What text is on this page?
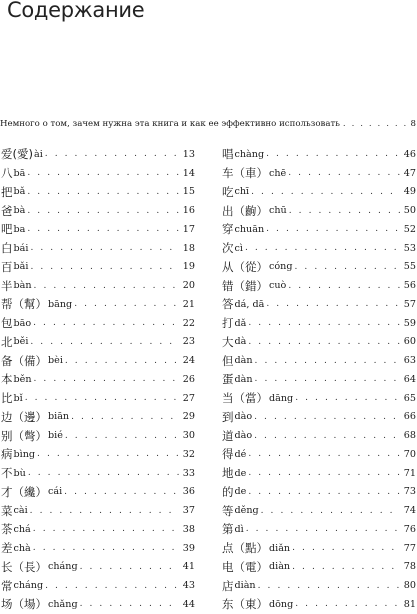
Содержание
Немного о том, зачем нужна эта книга и как ее эффективно использовать . . .	8
爱(愛) ài . . .	13
八 bā . . .	14
把 bǎ . . .	15
爸 bà . . .	16
吧 ba . . .	17
白 bái . . .	18
百 bǎi . . .	19
半 bàn . . .	20
帮（幫） bāng . . .	21
包 bāo . . .	22
北 běi . . .	23
备（備） bèi . . .	24
本 běn . . .	26
比 bǐ . . .	27
边（邊） biān . . .	29
别（彆） bié . . .	30
病 bìng . . .	32
不 bù . . .	33
才（纔） cái . . .	36
菜 cài . . .	37
茶 chá . . .	38
差 chà . . .	39
长（長） cháng . . .	41
常 cháng . . .	43
场（場） chǎng . . .	44
唱 chàng . . .	46
车（車） chē . . .	47
吃 chī . . .	49
出（齣） chū . . .	50
穿 chuān . . .	52
次 cì . . .	53
从（從） cóng . . .	55
错（錯） cuò . . .	56
答 dá, dā . . .	57
打 dǎ . . .	59
大 dà . . .	60
但 dàn . . .	63
蛋 dàn . . .	64
当（當） dāng . . .	65
到 dào . . .	66
道 dào . . .	68
得 dé . . .	70
地 de . . .	71
的 de . . .	73
等 děng . . .	74
第 dì . . .	76
点（點） diǎn . . .	77
电（電） diàn . . .	78
店 diàn . . .	80
东（東） dōng . . .	81
